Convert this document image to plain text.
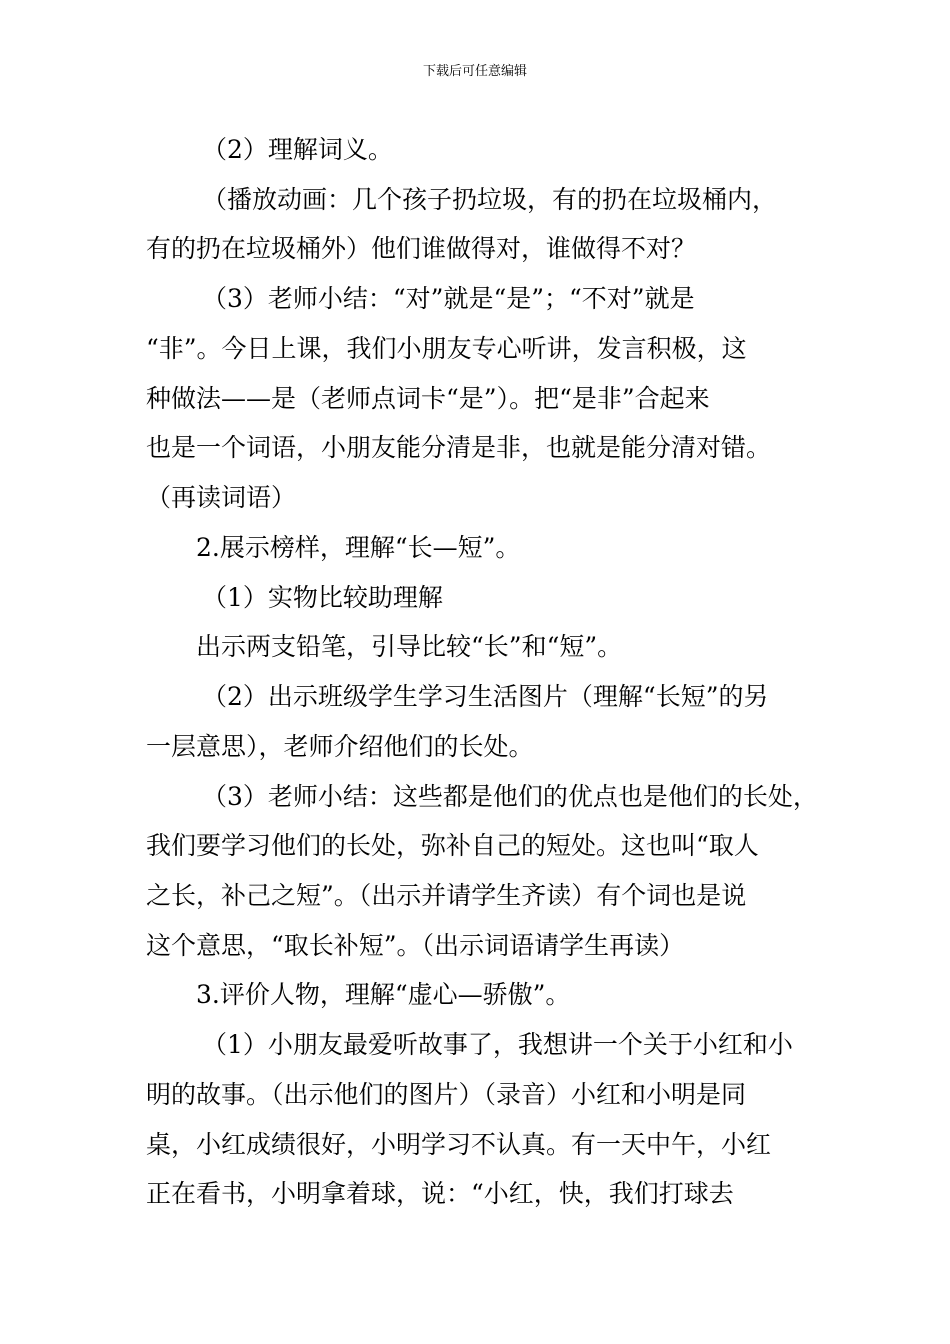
下载后可任意编辑
（2）理解词义。
（播放动画：几个孩子扔垃圾，有的扔在垃圾桶内，
有的扔在垃圾桶外）他们谁做得对，谁做得不对？
（3）老师小结：“对”就是“是”；“不对”就是
“非”。今日上课，我们小朋友专心听讲，发言积极，这
种做法——是（老师点词卡“是”）。把“是非”合起来
也是一个词语，小朋友能分清是非，也就是能分清对错。
（再读词语）
2.展示榜样，理解“长—短”。
（1）实物比较助理解
出示两支铅笔，引导比较“长”和“短”。
（2）出示班级学生学习生活图片（理解“长短”的另
一层意思），老师介绍他们的长处。
（3）老师小结：这些都是他们的优点也是他们的长处，
我们要学习他们的长处，弥补自己的短处。这也叫“取人
之长，补己之短”。（出示并请学生齐读）有个词也是说
这个意思，“取长补短”。（出示词语请学生再读）
3.评价人物，理解“虚心—骄傲”。
（1）小朋友最爱听故事了，我想讲一个关于小红和小
明的故事。（出示他们的图片）（录音）小红和小明是同
桌，小红成绩很好，小明学习不认真。有一天中午，小红
正在看书，小明拿着球，说：“小红，快，我们打球去
